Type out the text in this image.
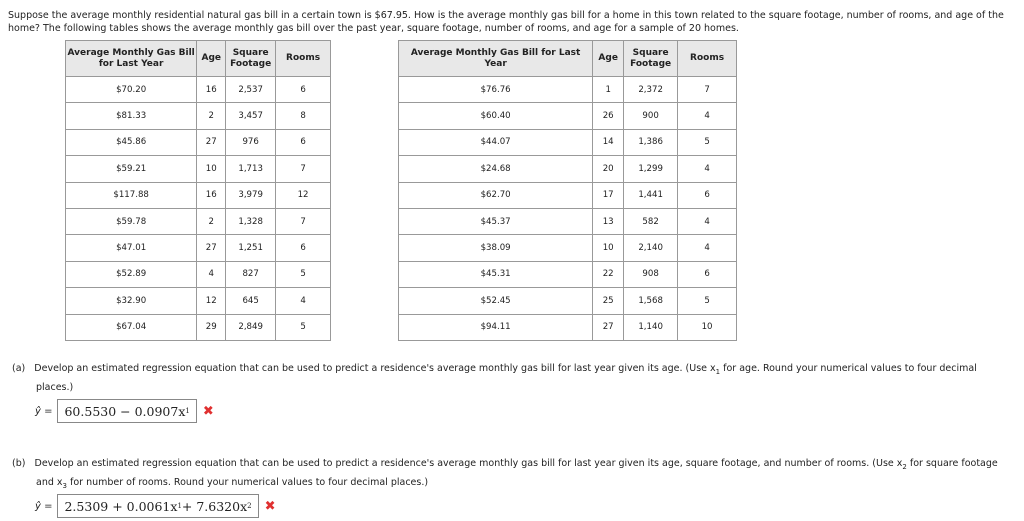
Suppose the average monthly residential natural gas bill in a certain town is $67.95. How is the average monthly gas bill for a home in this town related to the square footage, number of rooms, and age of the
home? The following tables shows the average monthly gas bill over the past year, square footage, number of rooms, and age for a sample of 20 homes.
Average Monthly Gas Bill for Last Year	Age	Square Footage	Rooms
$70.20	16	2,537	6
$81.33	2	3,457	8
$45.86	27	976	6
$59.21	10	1,713	7
$117.88	16	3,979	12
$59.78	2	1,328	7
$47.01	27	1,251	6
$52.89	4	827	5
$32.90	12	645	4
$67.04	29	2,849	5
Average Monthly Gas Bill for Last Year	Age	Square Footage	Rooms
$76.76	1	2,372	7
$60.40	26	900	4
$44.07	14	1,386	5
$24.68	20	1,299	4
$62.70	17	1,441	6
$45.37	13	582	4
$38.09	10	2,140	4
$45.31	22	908	6
$52.45	25	1,568	5
$94.11	27	1,140	10
(a) Develop an estimated regression equation that can be used to predict a residence's average monthly gas bill for last year given its age. (Use $x_1$ for age. Round your numerical values to four decimal
places.)
ŷ = 60.5530 − 0.0907x 1 ✖
(b) Develop an estimated regression equation that can be used to predict a residence's average monthly gas bill for last year given its age, square footage, and number of rooms. (Use $x_2$ for square footage
and $x_3$ for number of rooms. Round your numerical values to four decimal places.)
ŷ = 2.5309 + 0.0061x 1 + 7.6320x 2 ✖
